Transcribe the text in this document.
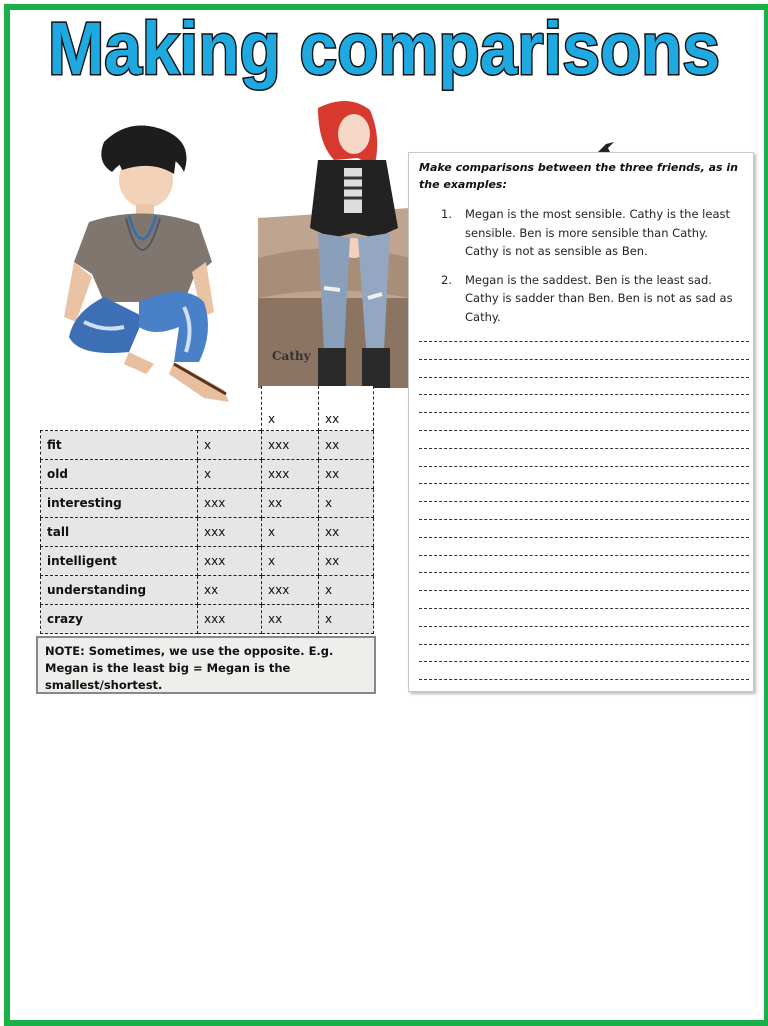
Making comparisons
Cathy
		x	xx
fit	x	xxx	xx
old	x	xxx	xx
interesting	xxx	xx	x
tall	xxx	x	xx
intelligent	xxx	x	xx
understanding	xx	xxx	x
crazy	xxx	xx	x
NOTE: Sometimes, we use the opposite. E.g. Megan is the least big = Megan is the smallest/shortest.
Make comparisons between the three friends, as in the examples:
1. Megan is the most sensible. Cathy is the least sensible. Ben is more sensible than Cathy. Cathy is not as sensible as Ben.
2. Megan is the saddest. Ben is the least sad. Cathy is sadder than Ben. Ben is not as sad as Cathy.
